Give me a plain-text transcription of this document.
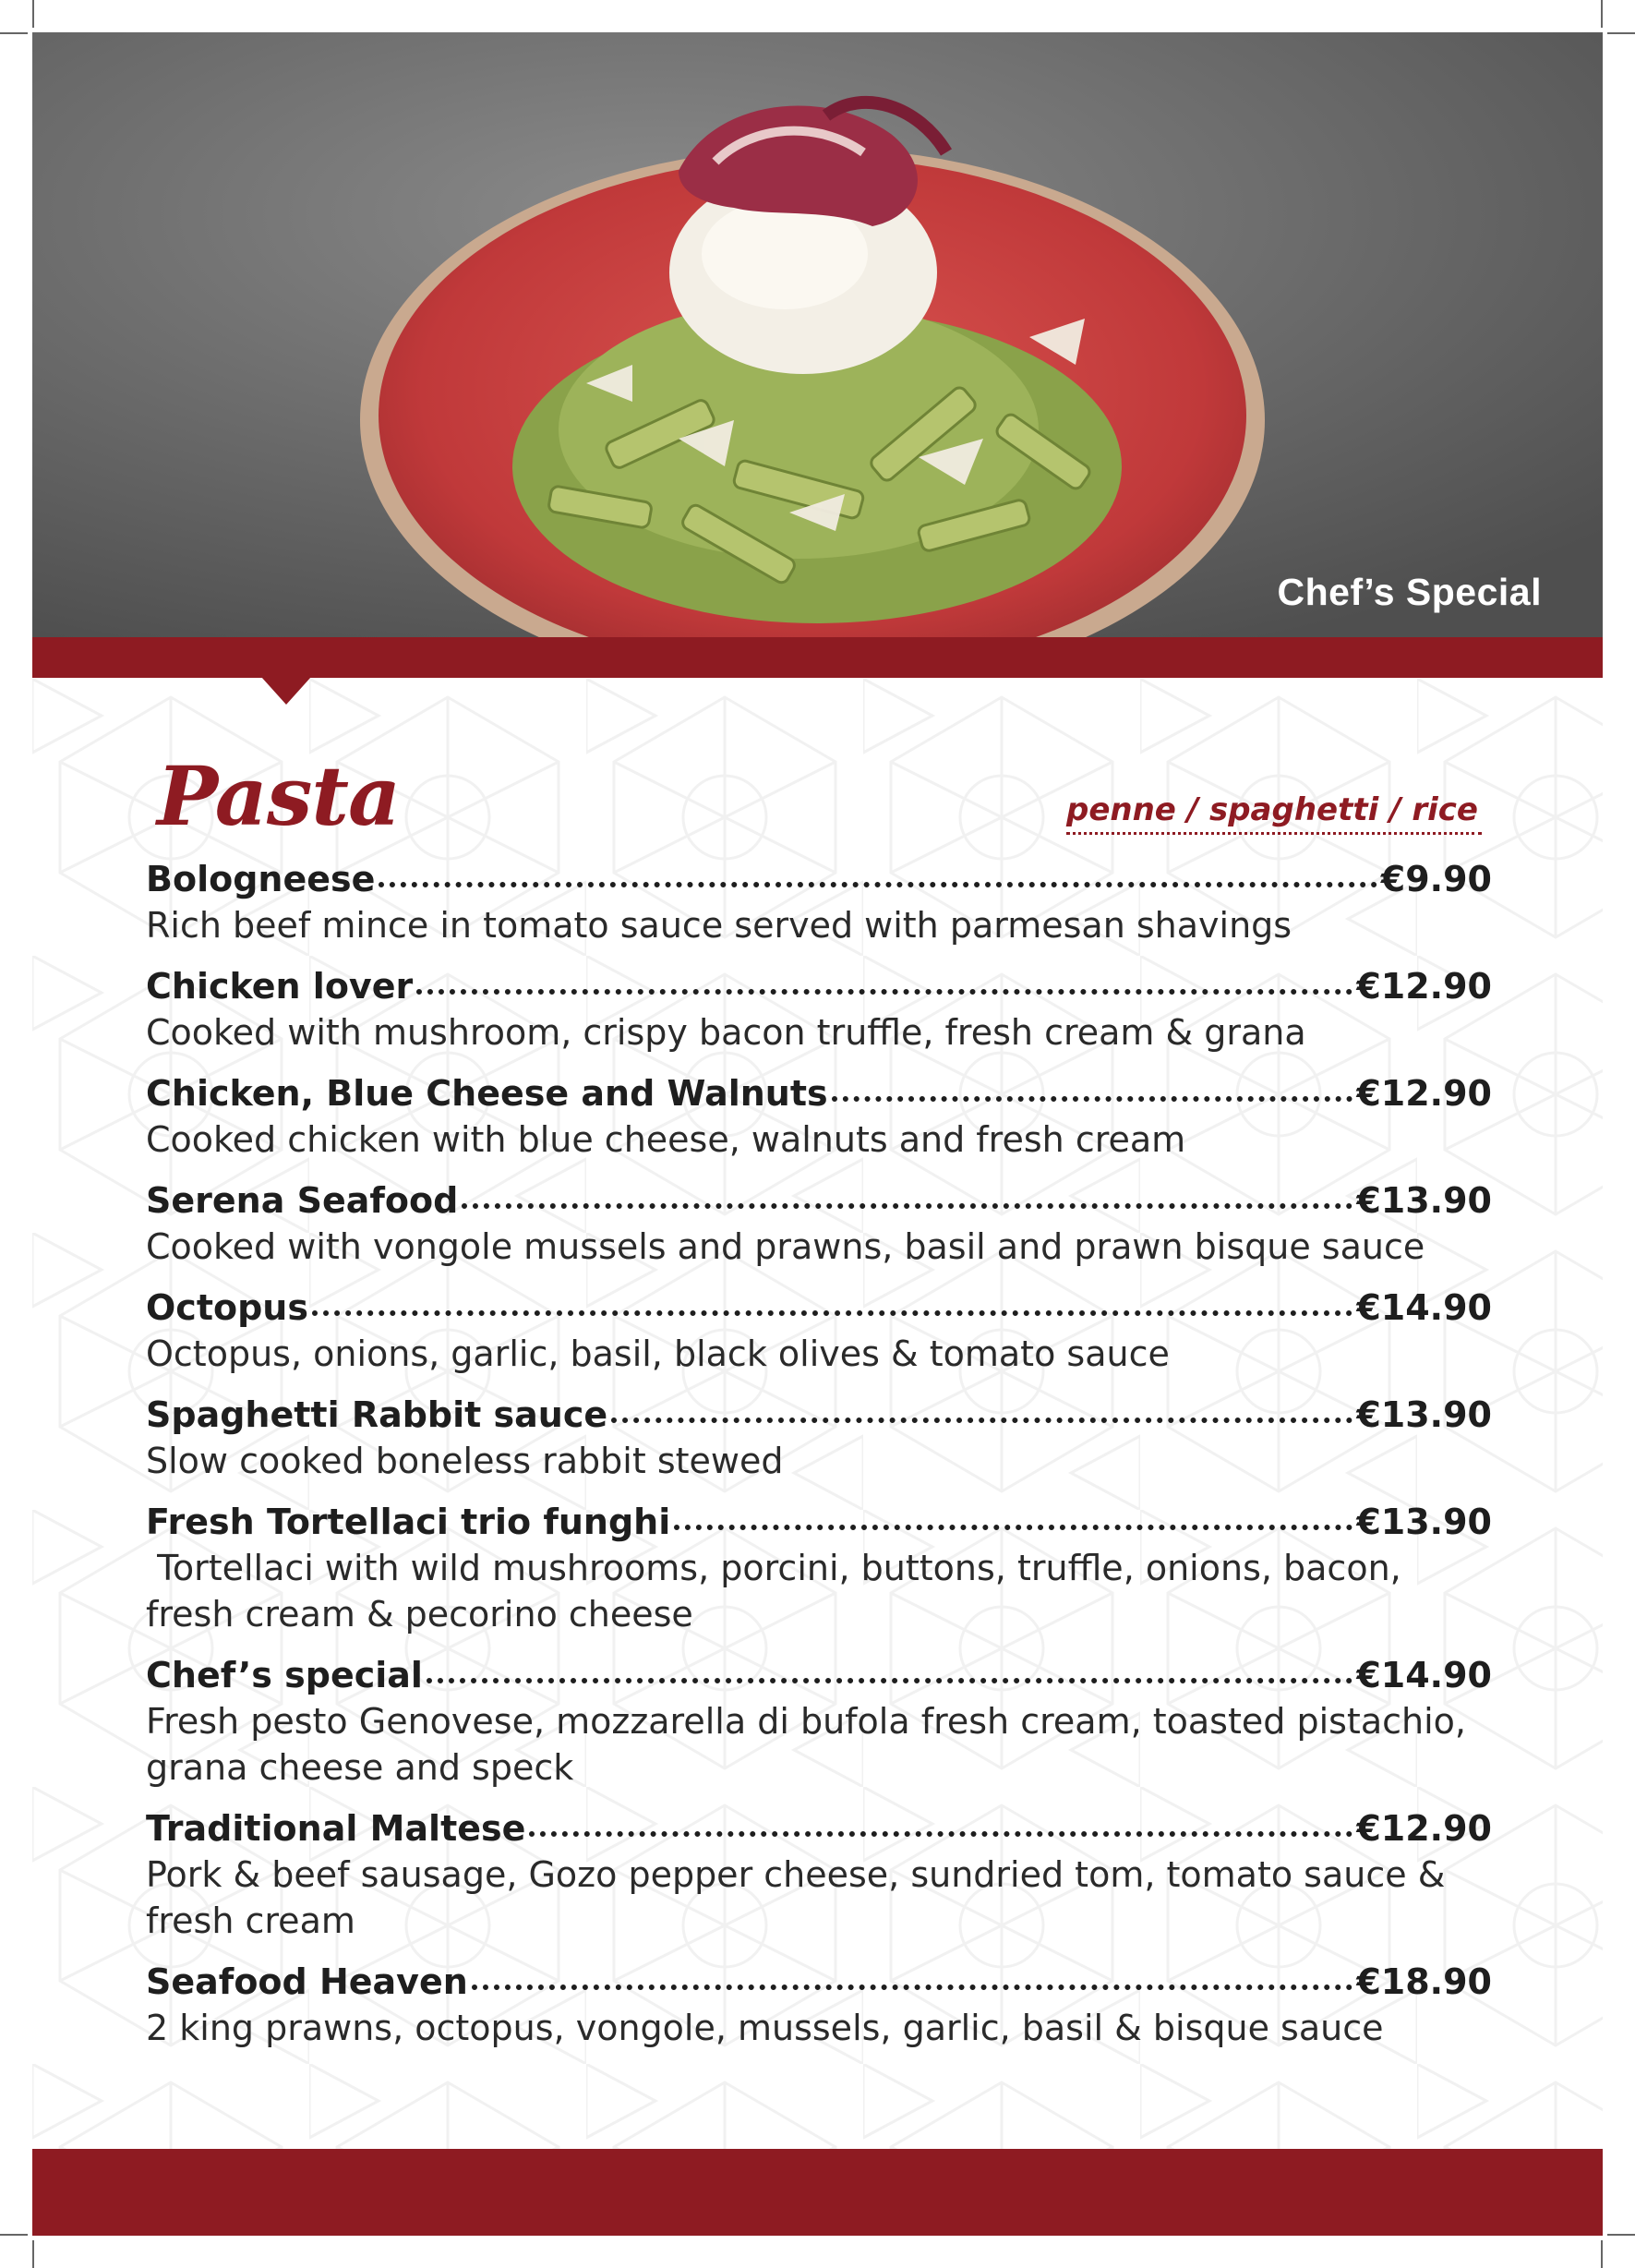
Chef’s Special
Pasta	penne / spaghetti / rice
Bologneese	€9.90
Rich beef mince in tomato sauce served with parmesan shavings
Chicken lover	€12.90
Cooked with mushroom, crispy bacon truffle, fresh cream & grana
Chicken, Blue Cheese and Walnuts	€12.90
Cooked chicken with blue cheese, walnuts and fresh cream
Serena Seafood	€13.90
Cooked with vongole mussels and prawns, basil and prawn bisque sauce
Octopus	€14.90
Octopus, onions, garlic, basil, black olives & tomato sauce
Spaghetti Rabbit sauce	€13.90
Slow cooked boneless rabbit stewed
Fresh Tortellaci trio funghi	€13.90
Tortellaci with wild mushrooms, porcini, buttons, truffle, onions, bacon,
fresh cream & pecorino cheese
Chef’s special	€14.90
Fresh pesto Genovese, mozzarella di bufola fresh cream, toasted pistachio,
grana cheese and speck
Traditional Maltese	€12.90
Pork & beef sausage, Gozo pepper cheese, sundried tom, tomato sauce &
fresh cream
Seafood Heaven	€18.90
2 king prawns, octopus, vongole, mussels, garlic, basil & bisque sauce
